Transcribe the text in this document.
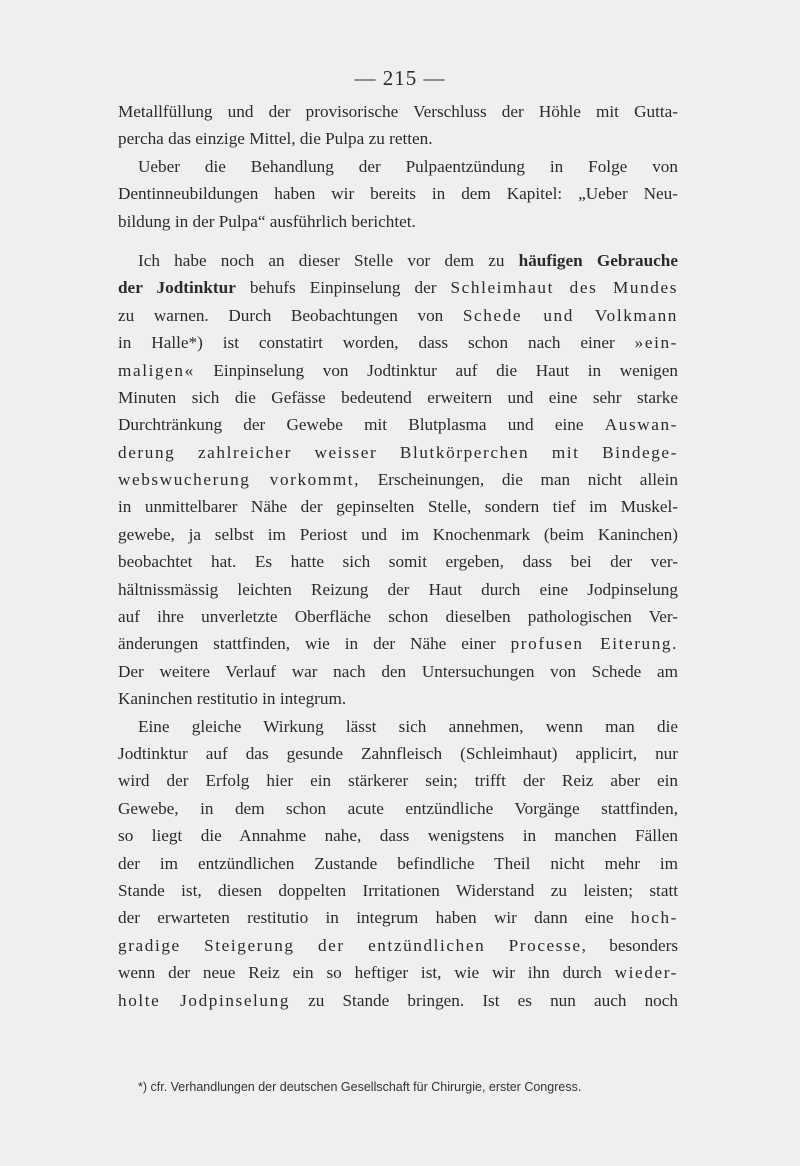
— 215 —
Metallfüllung und der provisorische Verschluss der Höhle mit Gutta-
percha das einzige Mittel, die Pulpa zu retten.
Ueber die Behandlung der Pulpaentzündung in Folge von
Dentinneubildungen haben wir bereits in dem Kapitel: „Ueber Neu-
bildung in der Pulpa“ ausführlich berichtet.
Ich habe noch an dieser Stelle vor dem zu häufigen Gebrauche
der Jodtinktur behufs Einpinselung der Schleimhaut des Mundes
zu warnen. Durch Beobachtungen von Schede und Volkmann
in Halle*) ist constatirt worden, dass schon nach einer »ein-
maligen« Einpinselung von Jodtinktur auf die Haut in wenigen
Minuten sich die Gefässe bedeutend erweitern und eine sehr starke
Durchtränkung der Gewebe mit Blutplasma und eine Auswan-
derung zahlreicher weisser Blutkörperchen mit Bindege-
webswucherung vorkommt, Erscheinungen, die man nicht allein
in unmittelbarer Nähe der gepinselten Stelle, sondern tief im Muskel-
gewebe, ja selbst im Periost und im Knochenmark (beim Kaninchen)
beobachtet hat. Es hatte sich somit ergeben, dass bei der ver-
hältnissmässig leichten Reizung der Haut durch eine Jodpinselung
auf ihre unverletzte Oberfläche schon dieselben pathologischen Ver-
änderungen stattfinden, wie in der Nähe einer profusen Eiterung.
Der weitere Verlauf war nach den Untersuchungen von Schede am
Kaninchen restitutio in integrum.
Eine gleiche Wirkung lässt sich annehmen, wenn man die
Jodtinktur auf das gesunde Zahnfleisch (Schleimhaut) applicirt, nur
wird der Erfolg hier ein stärkerer sein; trifft der Reiz aber ein
Gewebe, in dem schon acute entzündliche Vorgänge stattfinden,
so liegt die Annahme nahe, dass wenigstens in manchen Fällen
der im entzündlichen Zustande befindliche Theil nicht mehr im
Stande ist, diesen doppelten Irritationen Widerstand zu leisten; statt
der erwarteten restitutio in integrum haben wir dann eine hoch-
gradige Steigerung der entzündlichen Processe, besonders
wenn der neue Reiz ein so heftiger ist, wie wir ihn durch wieder-
holte Jodpinselung zu Stande bringen. Ist es nun auch noch
*) cfr. Verhandlungen der deutschen Gesellschaft für Chirurgie, erster Congress.
